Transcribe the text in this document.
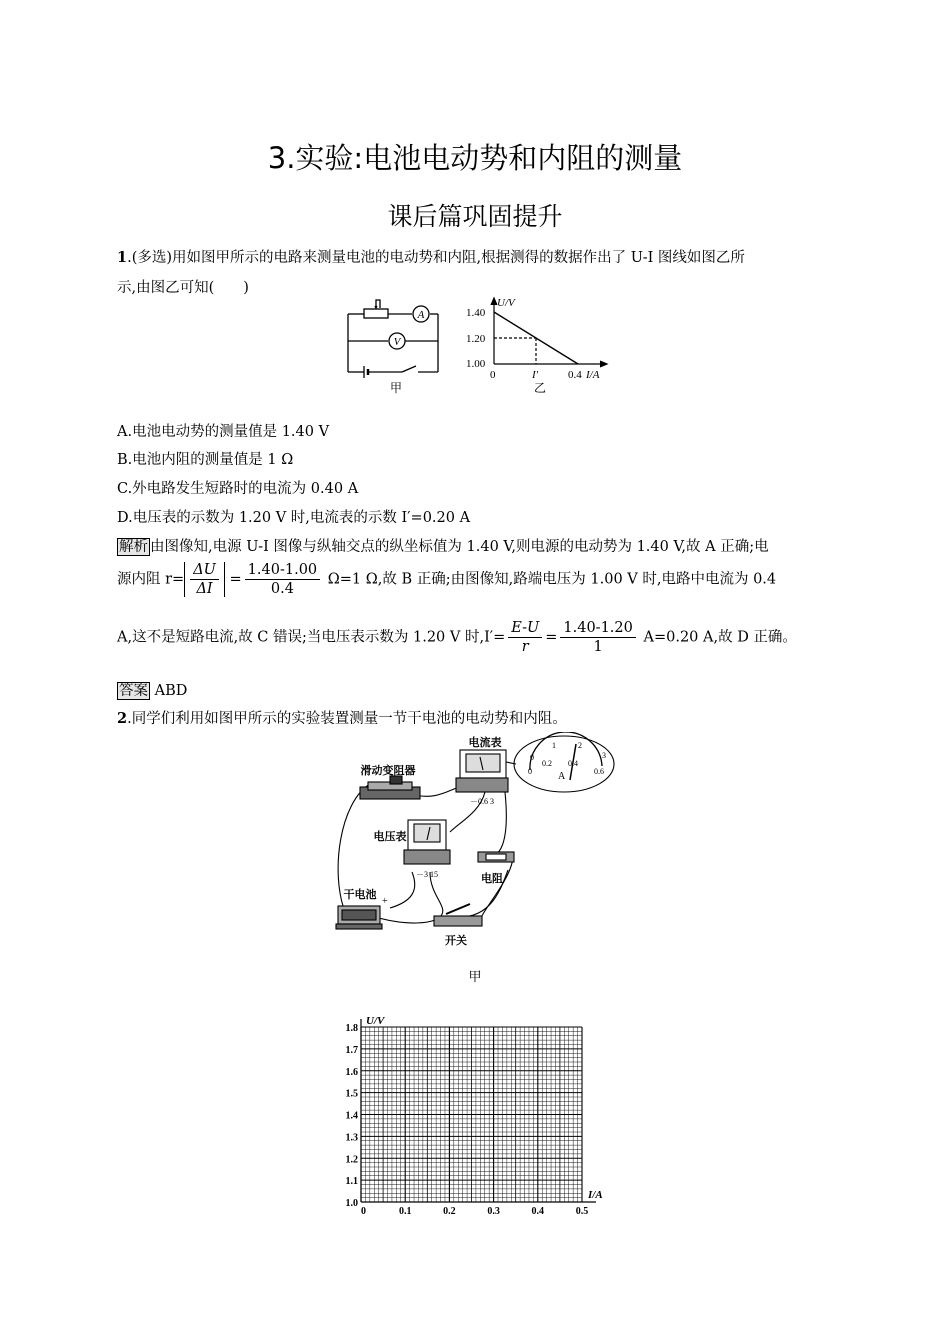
3.实验:电池电动势和内阻的测量
课后篇巩固提升
1.(多选)用如图甲所示的电路来测量电池的电动势和内阻,根据测得的数据作出了 U-I 图线如图乙所
示,由图乙可知(　　)
A
V
甲
U/V
1.40
1.20
1.00
0	I′	0.4 I/A
乙
A.电池电动势的测量值是 1.40 V
B.电池内阻的测量值是 1 Ω
C.外电路发生短路时的电流为 0.40 A
D.电压表的示数为 1.20 V 时,电流表的示数 I′=0.20 A
解析 由图像知,电源 U-I 图像与纵轴交点的纵坐标值为 1.40 V,则电源的电动势为 1.40 V,故 A 正确;电
源内阻 $r= \frac{\Delta U}{\Delta I} = \frac{1.40-1.00}{0.4} \Omega=1$ Ω,故 B 正确;由图像知,路端电压为 1.00 V 时,电路中电流为 0.4
A,这不是短路电流,故 C 错误;当电压表示数为 1.20 V 时$,I'= \frac{E-U}{r} = \frac{1.40-1.20}{1} A=0.20$ A,故 D 正确。
答案 ABD
2.同学们利用如图甲所示的实验装置测量一节干电池的电动势和内阻。
电流表
滑动变阻器
电压表
电阻
干电池
开关
－0.6 3
－3 15
+
A
0
1	2
3
0
0.2 0.4
0.6
甲
0	0.1	0.2	0.3	0.4	0.5
1.0
1.1
1.2
1.3
1.4
1.5
1.6
1.7
1.8
U/V
I/A
